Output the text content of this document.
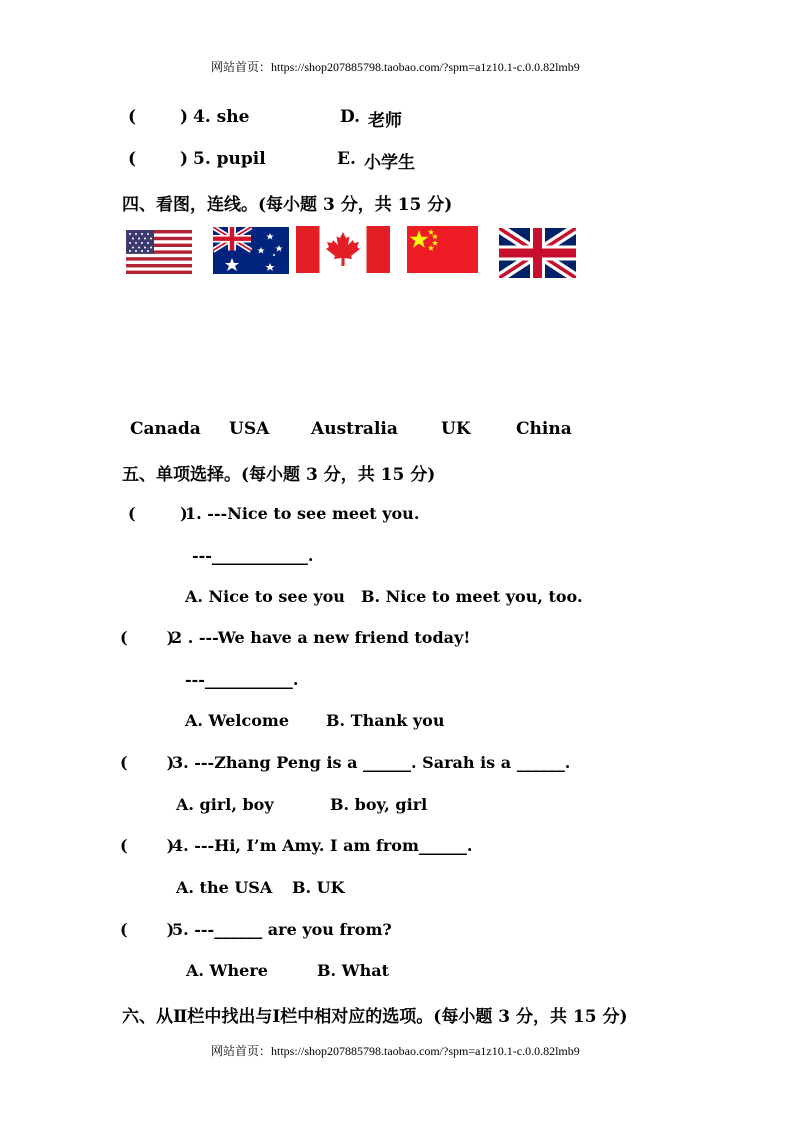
网站首页：https://shop207885798.taobao.com/?spm=a1z10.1-c.0.0.82lmb9
(	) 4. she	D. 老师
(	) 5. pupil	E. 小学生
四、看图，连线。(每小题 3 分，共 15 分)
Canada USA Australia	UK	China
五、单项选择。(每小题 3 分，共 15 分)
(        )
1. ---Nice to see meet you.
---____________.
A. Nice to see you B. Nice to meet you, too.
(       )
2 . ---We have a new friend today!
---___________.
A. Welcome B. Thank you
(       )
3. ---Zhang Peng is a ______. Sarah is a ______.
A. girl, boy	B. boy, girl
(       )
4. ---Hi, I’m Amy. I am from______.
A. the USA B. UK
(       )
5. ---______ are you from?
A. Where	B. What
六、从Ⅱ栏中找出与Ⅰ栏中相对应的选项。(每小题 3 分，共 15 分)
网站首页：https://shop207885798.taobao.com/?spm=a1z10.1-c.0.0.82lmb9
